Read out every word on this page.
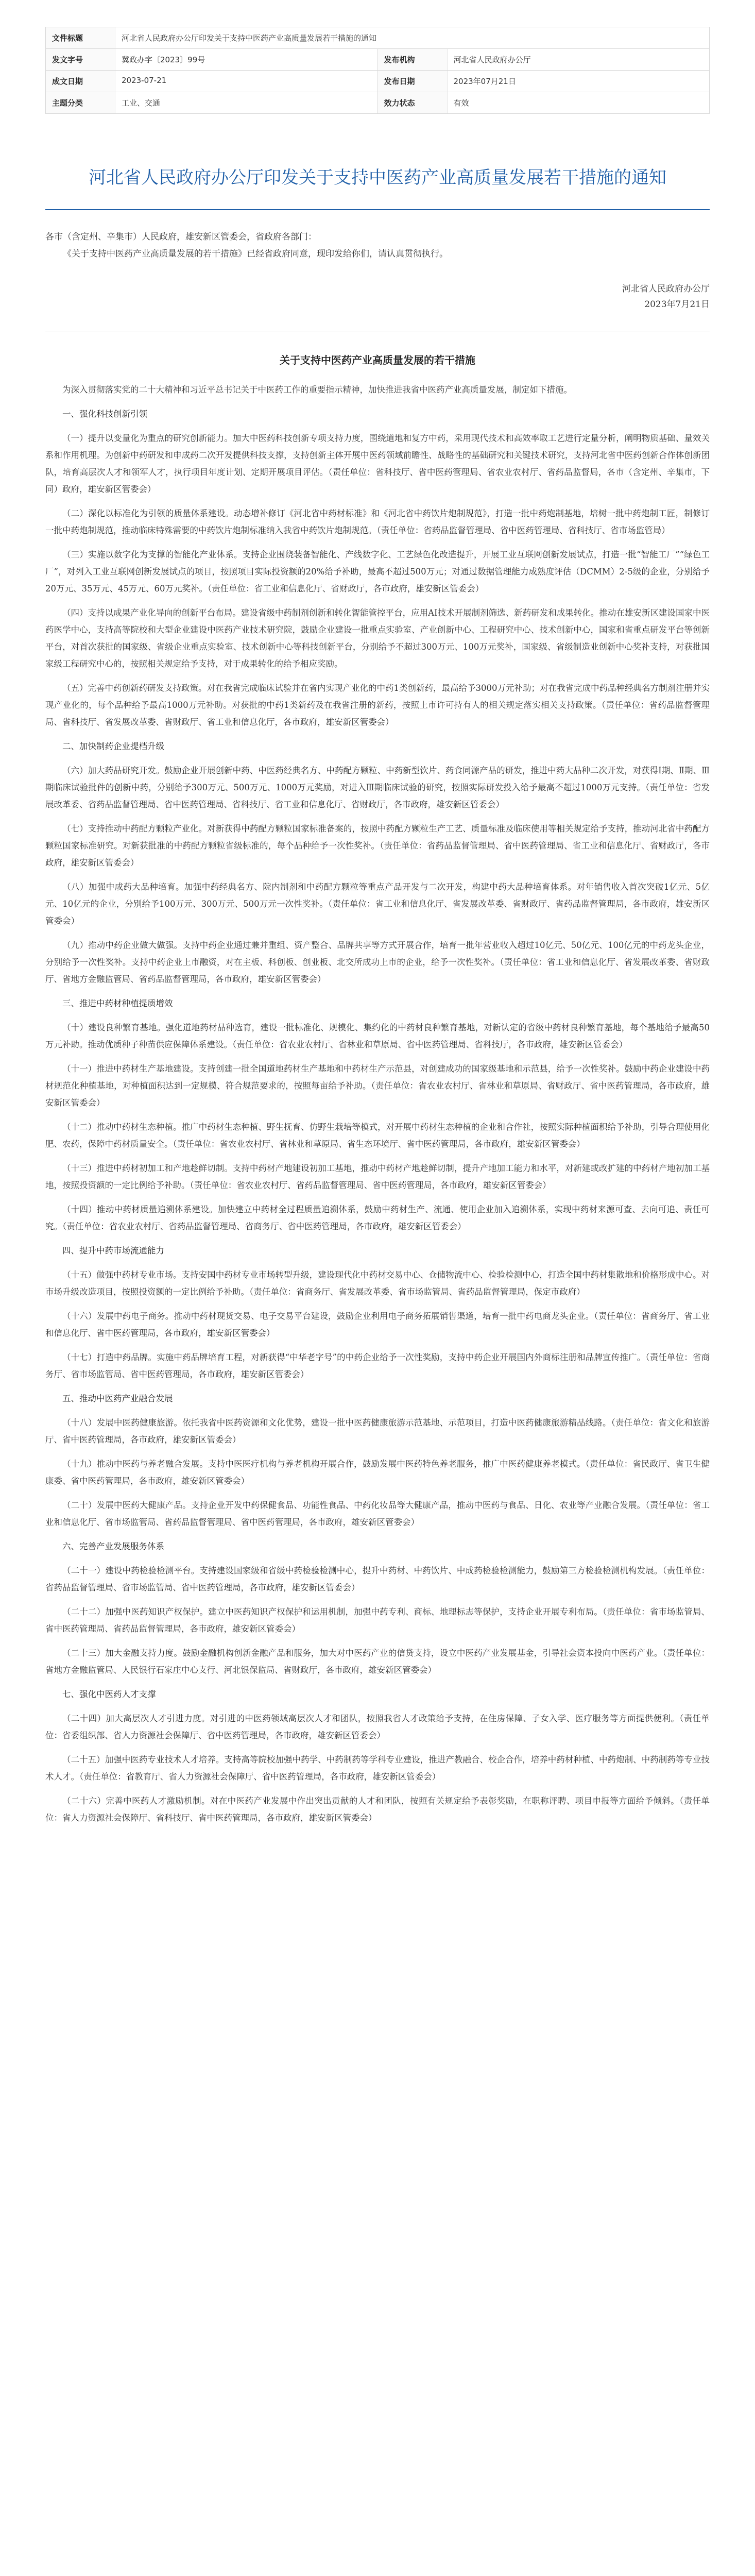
文件标题	河北省人民政府办公厅印发关于支持中医药产业高质量发展若干措施的通知
发文字号	冀政办字〔2023〕99号	发布机构	河北省人民政府办公厅
成文日期	2023-07-21	发布日期	2023年07月21日
主题分类	工业、交通	效力状态	有效
河北省人民政府办公厅印发关于支持中医药产业高质量发展若干措施的通知

各市（含定州、辛集市）人民政府，雄安新区管委会，省政府各部门：

《关于支持中医药产业高质量发展的若干措施》已经省政府同意，现印发给你们，请认真贯彻执行。

河北省人民政府办公厅
2023年7月21日
关于支持中医药产业高质量发展的若干措施

为深入贯彻落实党的二十大精神和习近平总书记关于中医药工作的重要指示精神，加快推进我省中医药产业高质量发展，制定如下措施。

一、强化科技创新引领

（一）提升以变量化为重点的研究创新能力。加大中医药科技创新专项支持力度，围绕道地和复方中药，采用现代技术和高效率取工艺进行定量分析，阐明物质基础、量效关系和作用机理。为创新中药研发和申成药二次开发提供科技支撑，支持创新主体开展中医药领域前瞻性、战略性的基础研究和关键技术研究，支持河北省中医药创新合作体创新团队，培育高层次人才和领军人才，执行项目年度计划、定期开展项目评估。（责任单位：省科技厅、省中医药管理局、省农业农村厅、省药品监督局，各市（含定州、辛集市，下同）政府，雄安新区管委会）

（二）深化以标准化为引领的质量体系建设。动态增补修订《河北省中药材标准》和《河北省中药饮片炮制规范》，打造一批中药炮制基地，培树一批中药炮制工匠，制修订一批中药炮制规范，推动临床特殊需要的中药饮片炮制标准纳入我省中药饮片炮制规范。（责任单位：省药品监督管理局、省中医药管理局、省科技厅、省市场监管局）

（三）实施以数字化为支撑的智能化产业体系。支持企业围绕装备智能化、产线数字化、工艺绿色化改造提升，开展工业互联网创新发展试点，打造一批“智能工厂”“绿色工厂”，对列入工业互联网创新发展试点的项目，按照项目实际投资额的20%给予补助，最高不超过500万元；对通过数据管理能力成熟度评估（DCMM）2-5级的企业，分别给予20万元、35万元、45万元、60万元奖补。（责任单位：省工业和信息化厅、省财政厅，各市政府，雄安新区管委会）

（四）支持以成果产业化导向的创新平台布局。建设省级中药制剂创新和转化智能管控平台，应用AI技术开展制剂筛选、新药研发和成果转化。推动在雄安新区建设国家中医药医学中心，支持高等院校和大型企业建设中医药产业技术研究院，鼓励企业建设一批重点实验室、产业创新中心、工程研究中心、技术创新中心，国家和省重点研发平台等创新平台，对首次获批的国家级、省级企业重点实验室、技术创新中心等科技创新平台，分别给予不超过300万元、100万元奖补，国家级、省级制造业创新中心奖补支持，对获批国家级工程研究中心的，按照相关规定给予支持，对于成果转化的给予相应奖励。

（五）完善中药创新药研发支持政策。对在我省完成临床试验并在省内实现产业化的中药1类创新药，最高给予3000万元补助；对在我省完成中药品种经典名方制剂注册并实现产业化的，每个品种给予最高1000万元补助。对获批的中药1类新药及在我省注册的新药，按照上市许可持有人的相关规定落实相关支持政策。（责任单位：省药品监督管理局、省科技厅、省发展改革委、省财政厅、省工业和信息化厅，各市政府，雄安新区管委会）

二、加快制药企业提档升级

（六）加大药品研究开发。鼓励企业开展创新中药、中医药经典名方、中药配方颗粒、中药新型饮片、药食同源产品的研发，推进中药大品种二次开发，对获得Ⅰ期、Ⅱ期、Ⅲ期临床试验批件的创新中药，分别给予300万元、500万元、1000万元奖励，对进入Ⅲ期临床试验的研究，按照实际研发投入给予最高不超过1000万元支持。（责任单位：省发展改革委、省药品监督管理局、省中医药管理局、省科技厅、省工业和信息化厅、省财政厅，各市政府，雄安新区管委会）

（七）支持推动中药配方颗粒产业化。对新获得中药配方颗粒国家标准备案的，按照中药配方颗粒生产工艺、质量标准及临床使用等相关规定给予支持，推动河北省中药配方颗粒国家标准研究。对新获批准的中药配方颗粒省级标准的，每个品种给予一次性奖补。（责任单位：省药品监督管理局、省中医药管理局、省工业和信息化厅、省财政厅，各市政府，雄安新区管委会）

（八）加强中成药大品种培育。加强中药经典名方、院内制剂和中药配方颗粒等重点产品开发与二次开发，构建中药大品种培育体系。对年销售收入首次突破1亿元、5亿元、10亿元的企业，分别给予100万元、300万元、500万元一次性奖补。（责任单位：省工业和信息化厅、省发展改革委、省财政厅、省药品监督管理局，各市政府，雄安新区管委会）

（九）推动中药企业做大做强。支持中药企业通过兼并重组、资产整合、品牌共享等方式开展合作，培育一批年营业收入超过10亿元、50亿元、100亿元的中药龙头企业，分别给予一次性奖补。支持中药企业上市融资，对在主板、科创板、创业板、北交所成功上市的企业，给予一次性奖补。（责任单位：省工业和信息化厅、省发展改革委、省财政厅、省地方金融监管局、省药品监督管理局，各市政府，雄安新区管委会）

三、推进中药材种植提质增效

（十）建设良种繁育基地。强化道地药材品种选育，建设一批标准化、规模化、集约化的中药材良种繁育基地，对新认定的省级中药材良种繁育基地，每个基地给予最高50万元补助。推动优质种子种苗供应保障体系建设。（责任单位：省农业农村厅、省林业和草原局、省中医药管理局、省科技厅，各市政府，雄安新区管委会）

（十一）推进中药材生产基地建设。支持创建一批全国道地药材生产基地和中药材生产示范县，对创建成功的国家级基地和示范县，给予一次性奖补。鼓励中药企业建设中药材规范化种植基地，对种植面积达到一定规模、符合规范要求的，按照每亩给予补助。（责任单位：省农业农村厅、省林业和草原局、省财政厅、省中医药管理局，各市政府，雄安新区管委会）

（十二）推动中药材生态种植。推广中药材生态种植、野生抚育、仿野生栽培等模式，对开展中药材生态种植的企业和合作社，按照实际种植面积给予补助，引导合理使用化肥、农药，保障中药材质量安全。（责任单位：省农业农村厅、省林业和草原局、省生态环境厅、省中医药管理局，各市政府，雄安新区管委会）

（十三）推进中药材初加工和产地趁鲜切制。支持中药材产地建设初加工基地，推动中药材产地趁鲜切制，提升产地加工能力和水平，对新建或改扩建的中药材产地初加工基地，按照投资额的一定比例给予补助。（责任单位：省农业农村厅、省药品监督管理局、省中医药管理局，各市政府，雄安新区管委会）

（十四）推动中药材质量追溯体系建设。加快建立中药材全过程质量追溯体系，鼓励中药材生产、流通、使用企业加入追溯体系，实现中药材来源可查、去向可追、责任可究。（责任单位：省农业农村厅、省药品监督管理局、省商务厅、省中医药管理局，各市政府，雄安新区管委会）

四、提升中药市场流通能力

（十五）做强中药材专业市场。支持安国中药材专业市场转型升级，建设现代化中药材交易中心、仓储物流中心、检验检测中心，打造全国中药材集散地和价格形成中心。对市场升级改造项目，按照投资额的一定比例给予补助。（责任单位：省商务厅、省发展改革委、省市场监管局、省药品监督管理局，保定市政府）

（十六）发展中药电子商务。推动中药材现货交易、电子交易平台建设，鼓励企业利用电子商务拓展销售渠道，培育一批中药电商龙头企业。（责任单位：省商务厅、省工业和信息化厅、省中医药管理局，各市政府，雄安新区管委会）

（十七）打造中药品牌。实施中药品牌培育工程，对新获得“中华老字号”的中药企业给予一次性奖励，支持中药企业开展国内外商标注册和品牌宣传推广。（责任单位：省商务厅、省市场监管局、省中医药管理局，各市政府，雄安新区管委会）

五、推动中医药产业融合发展

（十八）发展中医药健康旅游。依托我省中医药资源和文化优势，建设一批中医药健康旅游示范基地、示范项目，打造中医药健康旅游精品线路。（责任单位：省文化和旅游厅、省中医药管理局，各市政府，雄安新区管委会）

（十九）推动中医药与养老融合发展。支持中医医疗机构与养老机构开展合作，鼓励发展中医药特色养老服务，推广中医药健康养老模式。（责任单位：省民政厅、省卫生健康委、省中医药管理局，各市政府，雄安新区管委会）

（二十）发展中医药大健康产品。支持企业开发中药保健食品、功能性食品、中药化妆品等大健康产品，推动中医药与食品、日化、农业等产业融合发展。（责任单位：省工业和信息化厅、省市场监管局、省药品监督管理局、省中医药管理局，各市政府，雄安新区管委会）

六、完善产业发展服务体系

（二十一）建设中药检验检测平台。支持建设国家级和省级中药检验检测中心，提升中药材、中药饮片、中成药检验检测能力，鼓励第三方检验检测机构发展。（责任单位：省药品监督管理局、省市场监管局、省中医药管理局，各市政府，雄安新区管委会）

（二十二）加强中医药知识产权保护。建立中医药知识产权保护和运用机制，加强中药专利、商标、地理标志等保护，支持企业开展专利布局。（责任单位：省市场监管局、省中医药管理局、省药品监督管理局，各市政府，雄安新区管委会）

（二十三）加大金融支持力度。鼓励金融机构创新金融产品和服务，加大对中医药产业的信贷支持，设立中医药产业发展基金，引导社会资本投向中医药产业。（责任单位：省地方金融监管局、人民银行石家庄中心支行、河北银保监局、省财政厅，各市政府，雄安新区管委会）

七、强化中医药人才支撑

（二十四）加大高层次人才引进力度。对引进的中医药领域高层次人才和团队，按照我省人才政策给予支持，在住房保障、子女入学、医疗服务等方面提供便利。（责任单位：省委组织部、省人力资源社会保障厅、省中医药管理局，各市政府，雄安新区管委会）

（二十五）加强中医药专业技术人才培养。支持高等院校加强中药学、中药制药等学科专业建设，推进产教融合、校企合作，培养中药材种植、中药炮制、中药制药等专业技术人才。（责任单位：省教育厅、省人力资源社会保障厅、省中医药管理局，各市政府，雄安新区管委会）

（二十六）完善中医药人才激励机制。对在中医药产业发展中作出突出贡献的人才和团队，按照有关规定给予表彰奖励，在职称评聘、项目申报等方面给予倾斜。（责任单位：省人力资源社会保障厅、省科技厅、省中医药管理局，各市政府，雄安新区管委会）
